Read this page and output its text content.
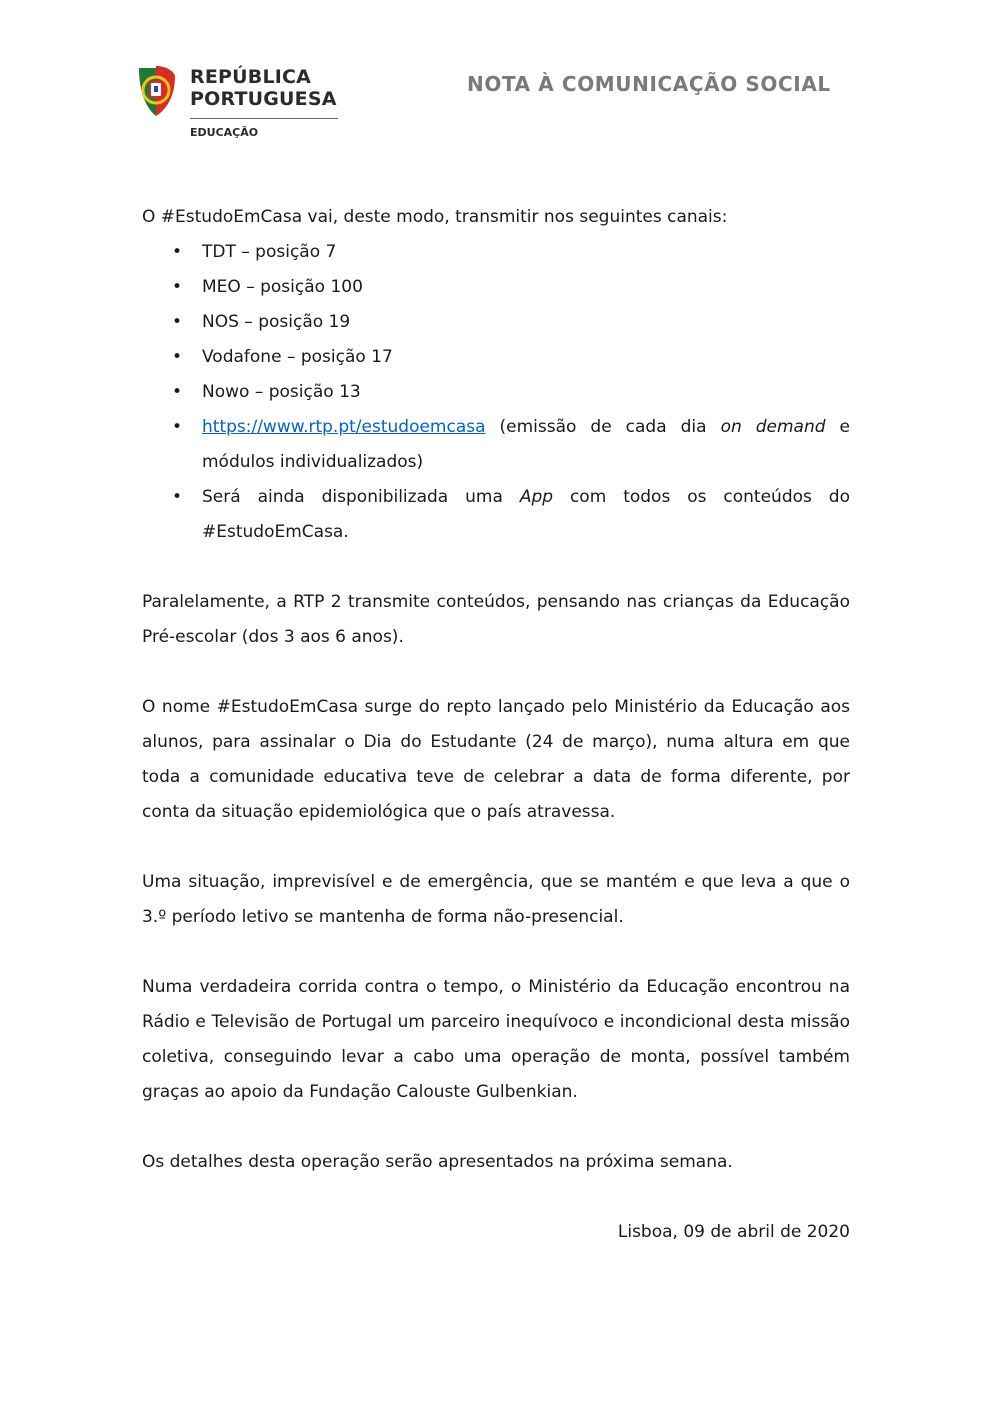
REPÚBLICA
PORTUGUESA
EDUCAÇÃO
NOTA À COMUNICAÇÃO SOCIAL

O #EstudoEmCasa vai, deste modo, transmitir nos seguintes canais:

• TDT – posição 7
• MEO – posição 100
• NOS – posição 19
• Vodafone – posição 17
• Nowo – posição 13
• https://www.rtp.pt/estudoemcasa (emissão de cada dia on demand e módulos individualizados)
• Será ainda disponibilizada uma App com todos os conteúdos do #EstudoEmCasa.

Paralelamente, a RTP 2 transmite conteúdos, pensando nas crianças da Educação Pré-escolar (dos 3 aos 6 anos).

O nome #EstudoEmCasa surge do repto lançado pelo Ministério da Educação aos alunos, para assinalar o Dia do Estudante (24 de março), numa altura em que toda a comunidade educativa teve de celebrar a data de forma diferente, por conta da situação epidemiológica que o país atravessa.

Uma situação, imprevisível e de emergência, que se mantém e que leva a que o 3.º período letivo se mantenha de forma não-presencial.

Numa verdadeira corrida contra o tempo, o Ministério da Educação encontrou na Rádio e Televisão de Portugal um parceiro inequívoco e incondicional desta missão coletiva, conseguindo levar a cabo uma operação de monta, possível também graças ao apoio da Fundação Calouste Gulbenkian.

Os detalhes desta operação serão apresentados na próxima semana.

Lisboa, 09 de abril de 2020
